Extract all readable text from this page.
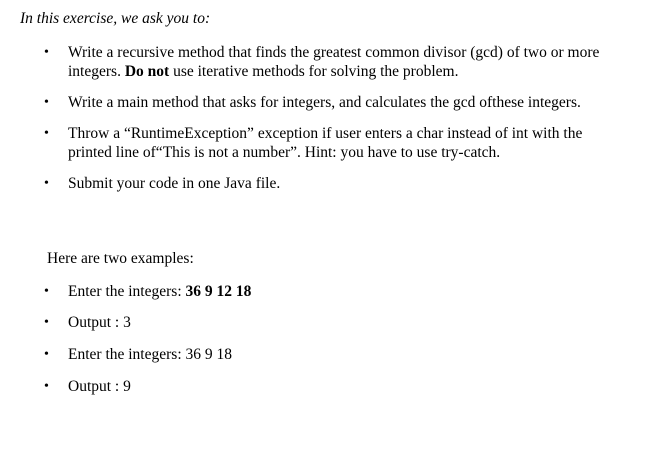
In this exercise, we ask you to:
• Write a recursive method that finds the greatest common divisor (gcd) of two or more integers. Do not use iterative methods for solving the problem.
• Write a main method that asks for integers, and calculates the gcd ofthese integers.
• Throw a “RuntimeException” exception if user enters a char instead of int with the printed line of“This is not a number”. Hint: you have to use try-catch.
• Submit your code in one Java file.
Here are two examples:
• Enter the integers: 36 9 12 18
• Output : 3
• Enter the integers: 36 9 18
• Output : 9
